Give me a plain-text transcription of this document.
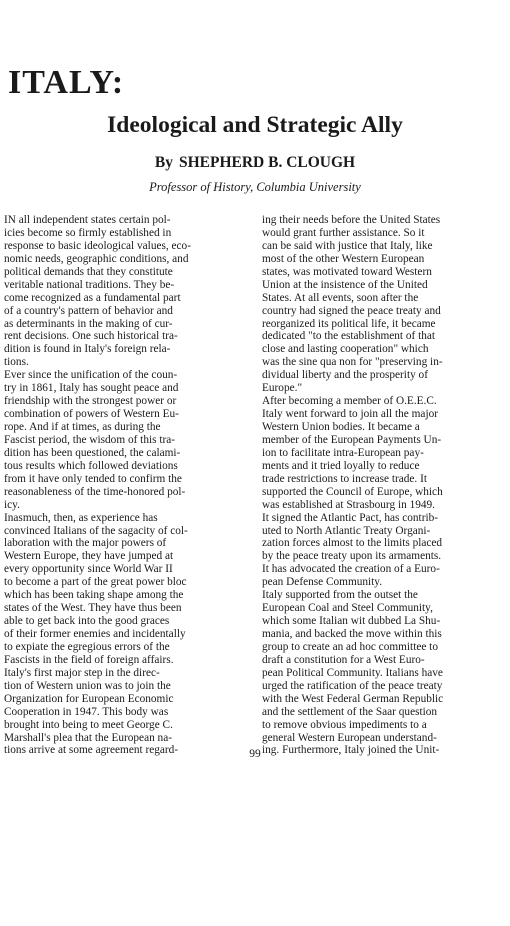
ITALY:
Ideological and Strategic Ally
By SHEPHERD B. CLOUGH
Professor of History, Columbia University
IN all independent states certain pol-
icies become so firmly established in
response to basic ideological values, eco-
nomic needs, geographic conditions, and
political demands that they constitute
veritable national traditions. They be-
come recognized as a fundamental part
of a country's pattern of behavior and
as determinants in the making of cur-
rent decisions. One such historical tra-
dition is found in Italy's foreign rela-
tions.
Ever since the unification of the coun-
try in 1861, Italy has sought peace and
friendship with the strongest power or
combination of powers of Western Eu-
rope. And if at times, as during the
Fascist period, the wisdom of this tra-
dition has been questioned, the calami-
tous results which followed deviations
from it have only tended to confirm the
reasonableness of the time-honored pol-
icy.
Inasmuch, then, as experience has
convinced Italians of the sagacity of col-
laboration with the major powers of
Western Europe, they have jumped at
every opportunity since World War II
to become a part of the great power bloc
which has been taking shape among the
states of the West. They have thus been
able to get back into the good graces
of their former enemies and incidentally
to expiate the egregious errors of the
Fascists in the field of foreign affairs.
Italy's first major step in the direc-
tion of Western union was to join the
Organization for European Economic
Cooperation in 1947. This body was
brought into being to meet George C.
Marshall's plea that the European na-
tions arrive at some agreement regard-
ing their needs before the United States
would grant further assistance. So it
can be said with justice that Italy, like
most of the other Western European
states, was motivated toward Western
Union at the insistence of the United
States. At all events, soon after the
country had signed the peace treaty and
reorganized its political life, it became
dedicated "to the establishment of that
close and lasting cooperation" which
was the sine qua non for "preserving in-
dividual liberty and the prosperity of
Europe."
After becoming a member of O.E.E.C.
Italy went forward to join all the major
Western Union bodies. It became a
member of the European Payments Un-
ion to facilitate intra-European pay-
ments and it tried loyally to reduce
trade restrictions to increase trade. It
supported the Council of Europe, which
was established at Strasbourg in 1949.
It signed the Atlantic Pact, has contrib-
uted to North Atlantic Treaty Organi-
zation forces almost to the limits placed
by the peace treaty upon its armaments.
It has advocated the creation of a Euro-
pean Defense Community.
Italy supported from the outset the
European Coal and Steel Community,
which some Italian wit dubbed La Shu-
mania, and backed the move within this
group to create an ad hoc committee to
draft a constitution for a West Euro-
pean Political Community. Italians have
urged the ratification of the peace treaty
with the West Federal German Republic
and the settlement of the Saar question
to remove obvious impediments to a
general Western European understand-
ing. Furthermore, Italy joined the Unit-
99
